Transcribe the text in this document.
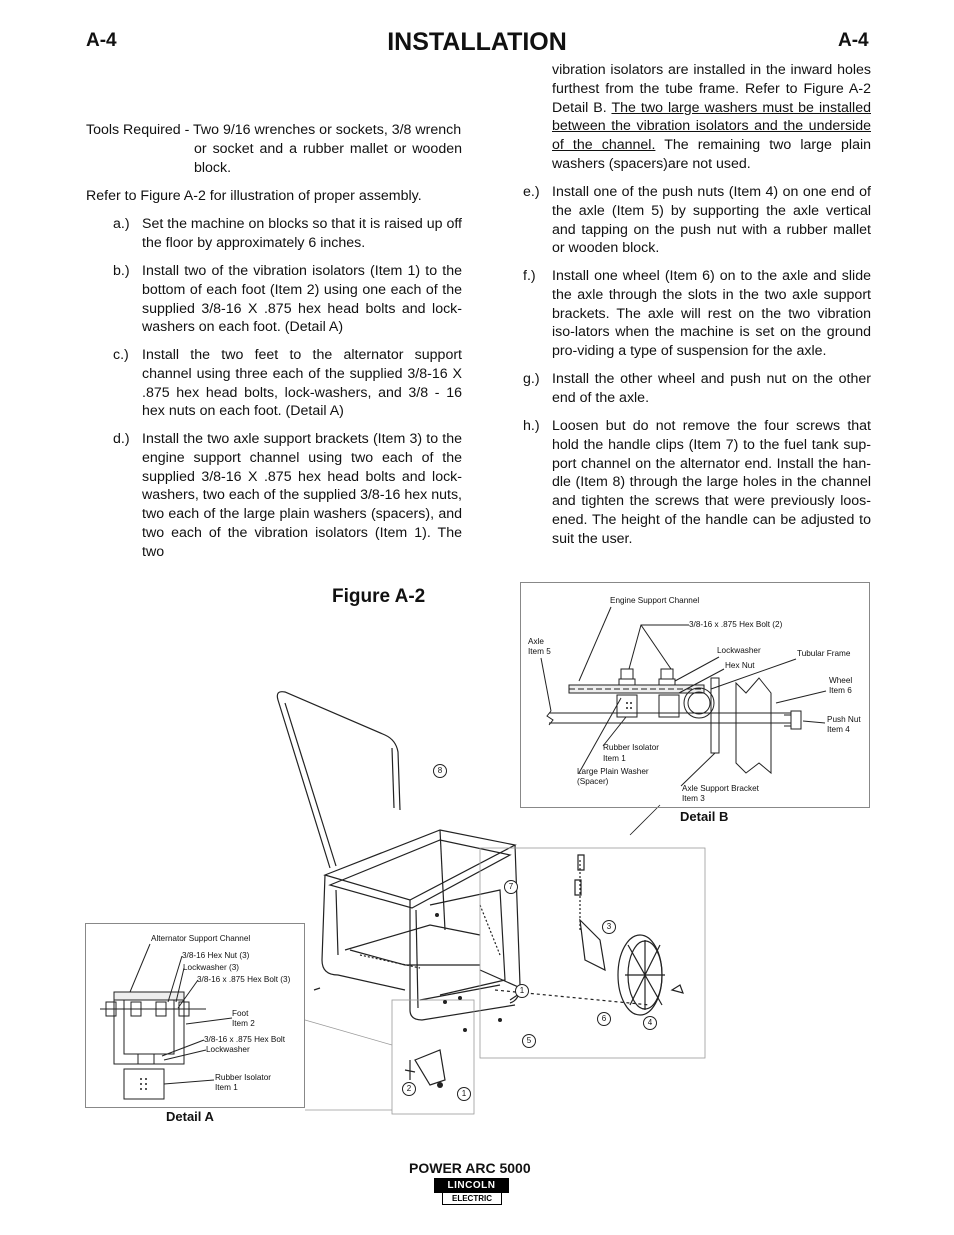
A-4	INSTALLATION	A-4
Tools Required - Two 9/16 wrenches or sockets, 3/8 wrench
or socket and a rubber mallet or wooden
block.
Refer to Figure A-2 for illustration of proper assembly.
a.) Set the machine on blocks so that it is raised up off the floor by approximately 6 inches.
b.) Install two of the vibration isolators (Item 1) to the bottom of each foot (Item 2) using one each of the supplied 3/8-16 X .875 hex head bolts and lock-washers on each foot. (Detail A)
c.) Install the two feet to the alternator support channel using three each of the supplied 3/8-16 X .875 hex head bolts, lock-washers, and 3/8 - 16 hex nuts on each foot. (Detail A)
d.) Install the two axle support brackets (Item 3) to the engine support channel using two each of the supplied 3/8-16 X .875 hex head bolts and lock-washers, two each of the supplied 3/8-16 hex nuts, two each of the large plain washers (spacers), and two each of the vibration isolators (Item 1). The two
vibration isolators are installed in the inward holes furthest from the tube frame. Refer to Figure A-2 Detail B. The two large washers must be installed between the vibration isolators and the underside of the channel. The remaining two large plain washers (spacers)are not used.
e.) Install one of the push nuts (Item 4) on one end of the axle (Item 5) by supporting the axle vertical and tapping on the push nut with a rubber mallet or wooden block.
f.) Install one wheel (Item 6) on to the axle and slide the axle through the slots in the two axle support brackets. The axle will rest on the two vibration iso-lators when the machine is set on the ground pro-viding a type of suspension for the axle.
g.) Install the other wheel and push nut on the other end of the axle.
h.) Loosen but do not remove the four screws that hold the handle clips (Item 7) to the fuel tank sup-port channel on the alternator end. Install the han-dle (Item 8) through the large holes in the channel and tighten the screws that were previously loos-ened. The height of the handle can be adjusted to suit the user.
Figure A-2
8
7
3
1
6	4
5
2
1
Engine Support Channel
3/8-16 x .875 Hex Bolt (2)
Axle
Item 5	Lockwasher	Tubular Frame
Hex Nut
Wheel
Item 6
Push Nut
Item 4
Rubber Isolator
Item 1
Large Plain Washer
(Spacer)
Axle Support Bracket
Item 3
Detail B
Alternator Support Channel
3/8-16 Hex Nut (3)
Lockwasher (3)
3/8-16 x .875 Hex Bolt (3)
Foot
Item 2
3/8-16 x .875 Hex Bolt
Lockwasher
Rubber Isolator
Item 1
Detail A
POWER ARC 5000
LINCOLN
ELECTRIC
